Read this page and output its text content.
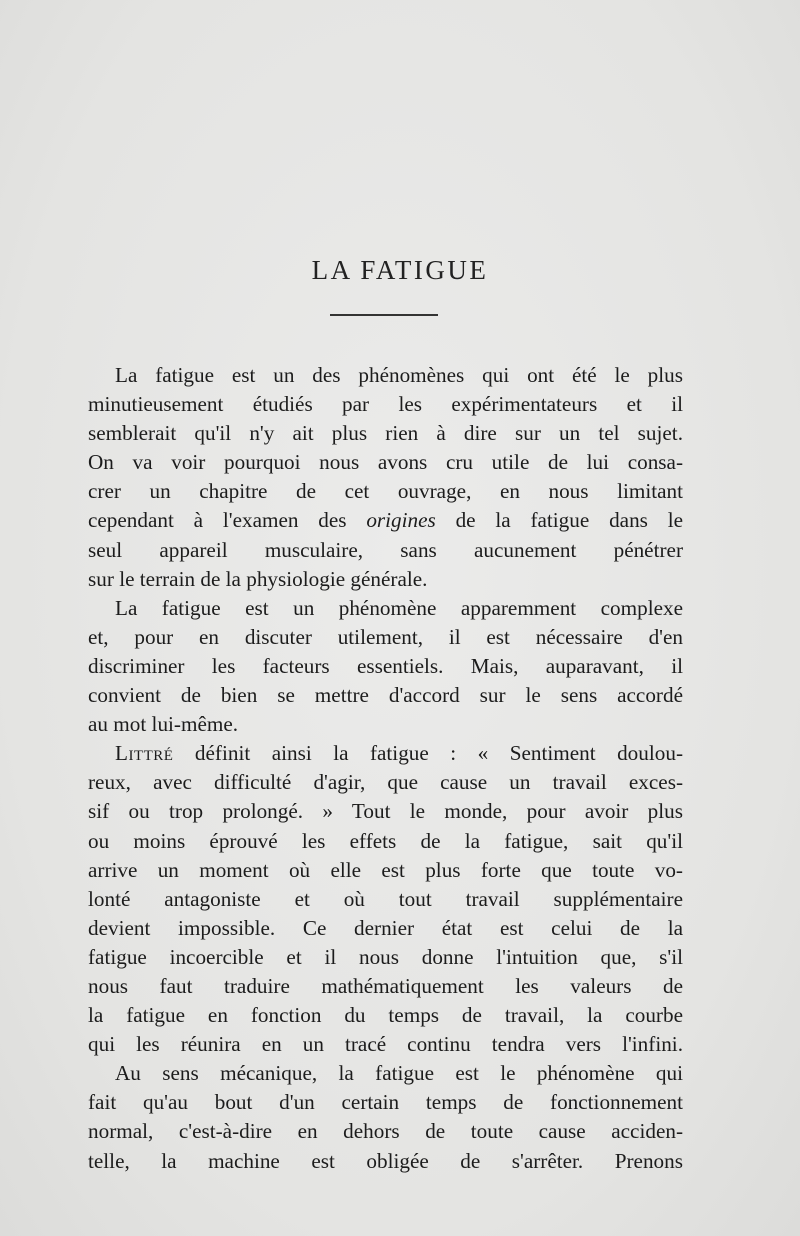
LA FATIGUE
La fatigue est un des phénomènes qui ont été le plus
minutieusement étudiés par les expérimentateurs et il
semblerait qu'il n'y ait plus rien à dire sur un tel sujet.
On va voir pourquoi nous avons cru utile de lui consa-
crer un chapitre de cet ouvrage, en nous limitant
cependant à l'examen des origines de la fatigue dans le
seul appareil musculaire, sans aucunement pénétrer
sur le terrain de la physiologie générale.
La fatigue est un phénomène apparemment complexe
et, pour en discuter utilement, il est nécessaire d'en
discriminer les facteurs essentiels. Mais, auparavant, il
convient de bien se mettre d'accord sur le sens accordé
au mot lui-même.
Littré définit ainsi la fatigue : « Sentiment doulou-
reux, avec difficulté d'agir, que cause un travail exces-
sif ou trop prolongé. » Tout le monde, pour avoir plus
ou moins éprouvé les effets de la fatigue, sait qu'il
arrive un moment où elle est plus forte que toute vo-
lonté antagoniste et où tout travail supplémentaire
devient impossible. Ce dernier état est celui de la
fatigue incoercible et il nous donne l'intuition que, s'il
nous faut traduire mathématiquement les valeurs de
la fatigue en fonction du temps de travail, la courbe
qui les réunira en un tracé continu tendra vers l'infini.
Au sens mécanique, la fatigue est le phénomène qui
fait qu'au bout d'un certain temps de fonctionnement
normal, c'est-à-dire en dehors de toute cause acciden-
telle, la machine est obligée de s'arrêter. Prenons
